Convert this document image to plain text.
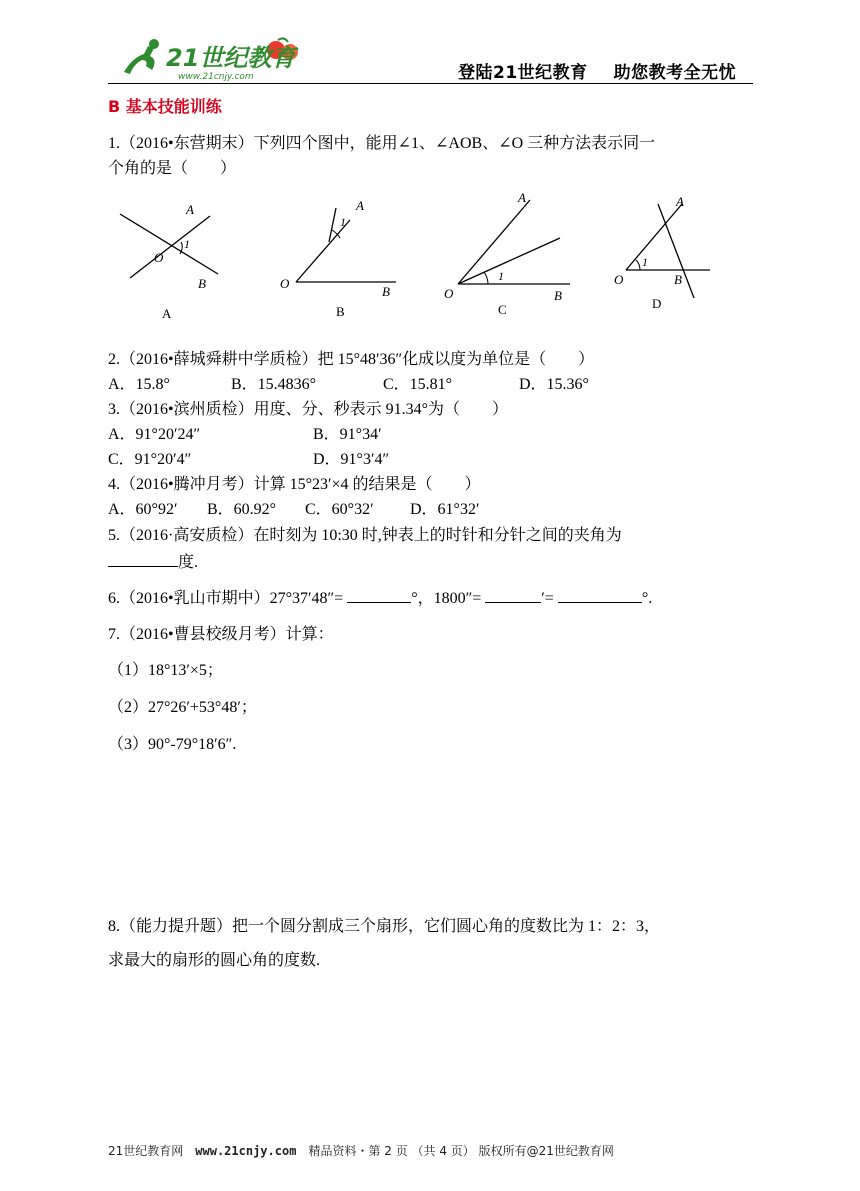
21世纪教育
www.21cnjy.com	登陆21世纪教育 助您教考全无忧
B 基本技能训练
1.（2016•东营期末）下列四个图中，能用∠1、∠AOB、∠O 三种方法表示同一
个角的是（　　）
A
1
O
B
A
A
1
O
B
B
A
1
O	B
C
A
1
O	B
D
2.（2016•薛城舜耕中学质检）把 15°48′36″化成以度为单位是（　　）
A．15.8°	B．15.4836°	C．15.81°	D．15.36°
3.（2016•滨州质检）用度、分、秒表示 91.34°为（　　）
A．91°20′24″	B．91°34′
C．91°20′4″	D．91°3′4″
4.（2016•腾冲月考）计算 15°23′×4 的结果是（　　）
A．60°92′ B．60.92° C．60°32′ D．61°32′
5.（2016·高安质检）在时刻为 10:30 时,钟表上的时针和分针之间的夹角为
度.
6.（2016•乳山市期中）27°37′48″=	°，1800″=	′=	°.
7.（2016•曹县校级月考）计算：
（1）18°13′×5；
（2）27°26′+53°48′；
（3）90°-79°18′6″.
8.（能力提升题）把一个圆分割成三个扇形，它们圆心角的度数比为 1：2：3，
求最大的扇形的圆心角的度数.
21世纪教育网 www.21cnjy.com 精品资料・第 2 页 （共 4 页） 版权所有@21世纪教育网
